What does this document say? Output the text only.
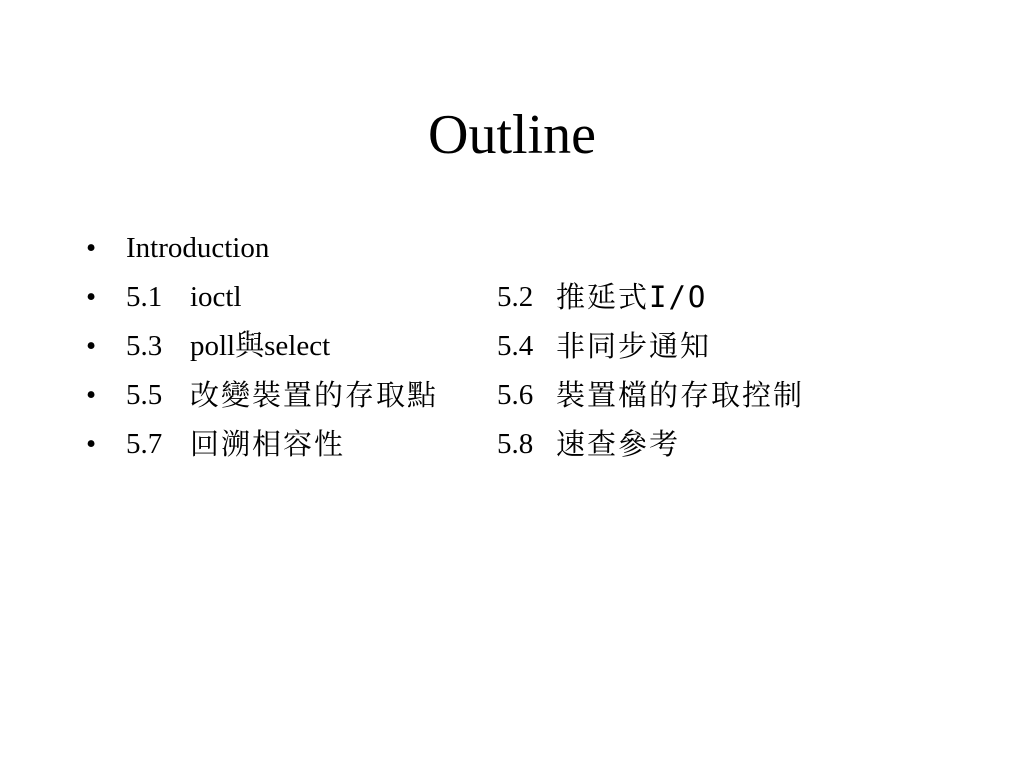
Outline
• Introduction
• 5.1 ioctl	5.2 推延式I/O
• 5.3 poll與select	5.4 非同步通知
• 5.5 改變裝置的存取點 5.6 裝置檔的存取控制
• 5.7 回溯相容性	5.8 速查參考
